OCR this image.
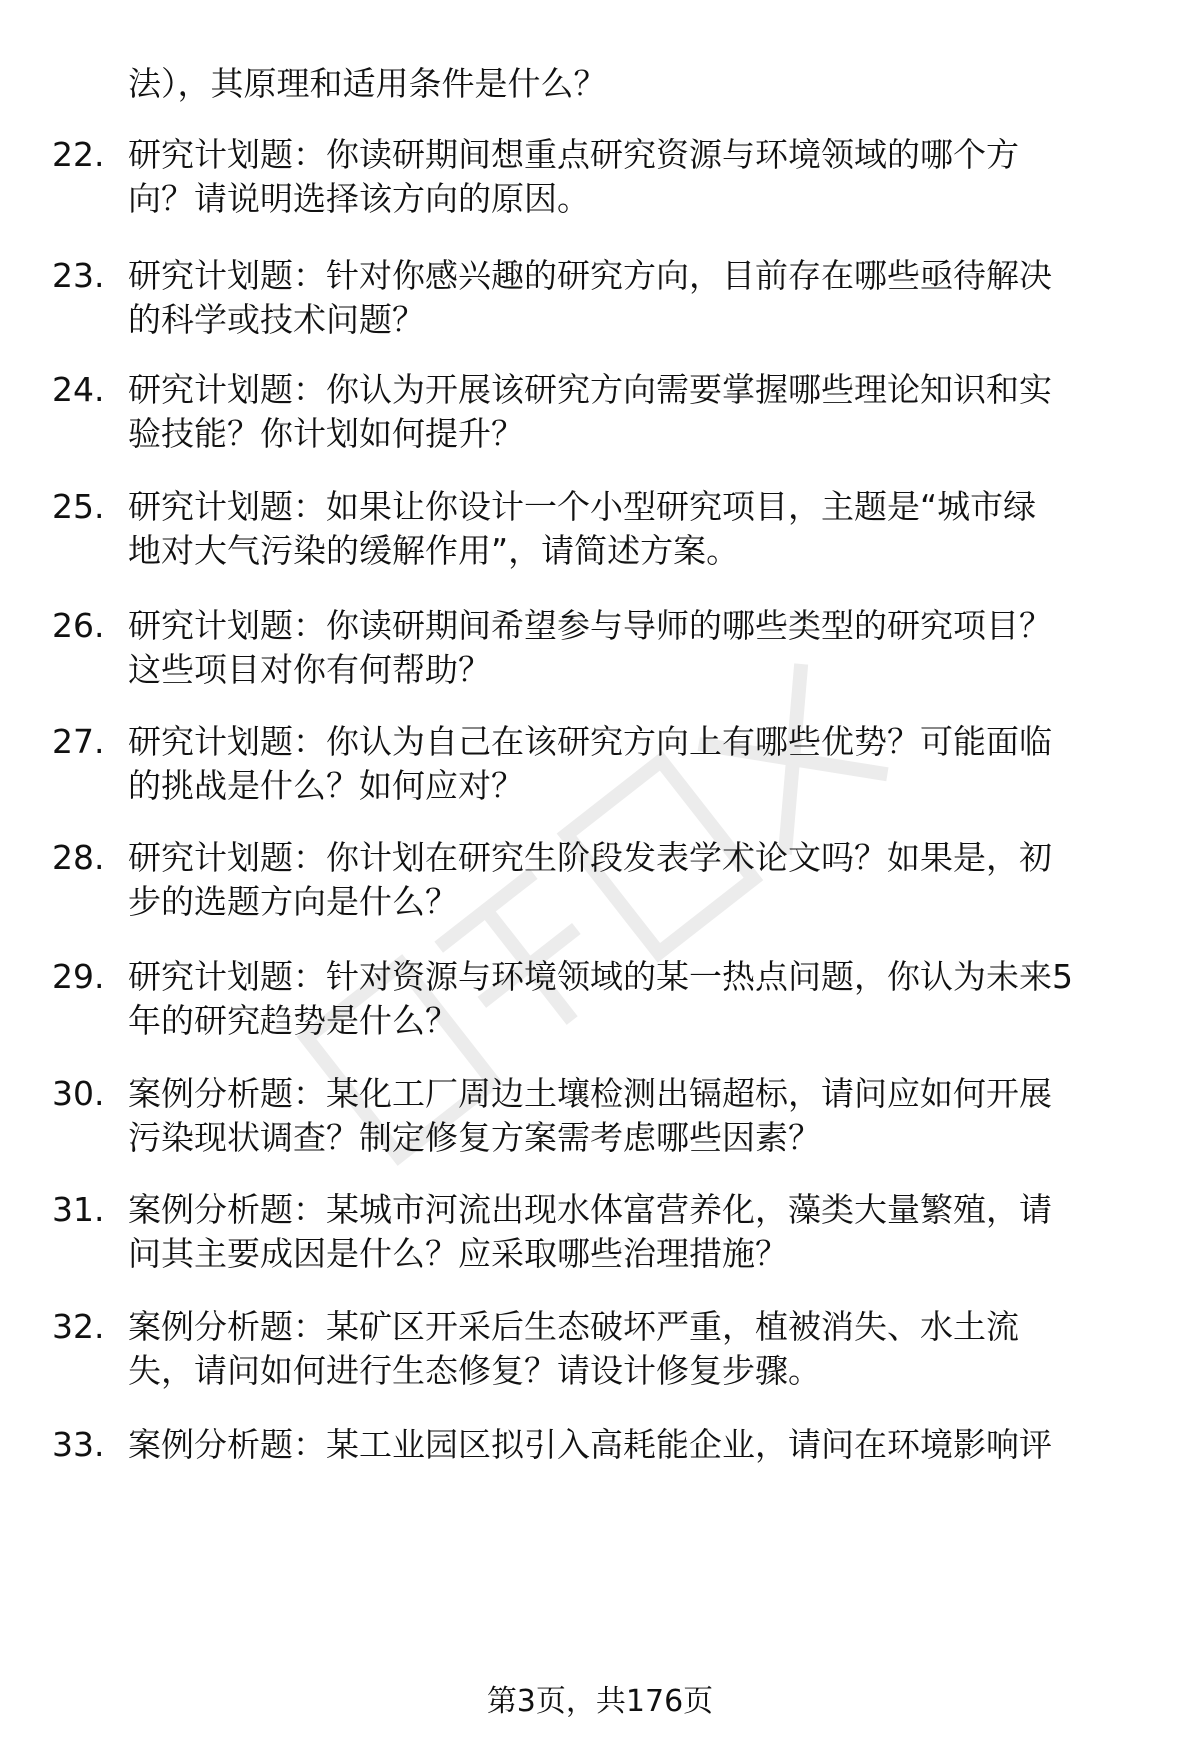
法），其原理和适用条件是什么？
22. 研究计划题：你读研期间想重点研究资源与环境领域的哪个方
向？请说明选择该方向的原因。
23. 研究计划题：针对你感兴趣的研究方向，目前存在哪些亟待解决
的科学或技术问题？
24. 研究计划题：你认为开展该研究方向需要掌握哪些理论知识和实
验技能？你计划如何提升？
25. 研究计划题：如果让你设计一个小型研究项目，主题是“城市绿
地对大气污染的缓解作用”，请简述方案。
26. 研究计划题：你读研期间希望参与导师的哪些类型的研究项目？
这些项目对你有何帮助？
27. 研究计划题：你认为自己在该研究方向上有哪些优势？可能面临
的挑战是什么？如何应对？
28. 研究计划题：你计划在研究生阶段发表学术论文吗？如果是，初
步的选题方向是什么？
29. 研究计划题：针对资源与环境领域的某一热点问题，你认为未来5
年的研究趋势是什么？
30. 案例分析题：某化工厂周边土壤检测出镉超标，请问应如何开展
污染现状调查？制定修复方案需考虑哪些因素？
31. 案例分析题：某城市河流出现水体富营养化，藻类大量繁殖，请
问其主要成因是什么？应采取哪些治理措施？
32. 案例分析题：某矿区开采后生态破坏严重，植被消失、水土流
失，请问如何进行生态修复？请设计修复步骤。
33. 案例分析题：某工业园区拟引入高耗能企业，请问在环境影响评
第3页，共176页
